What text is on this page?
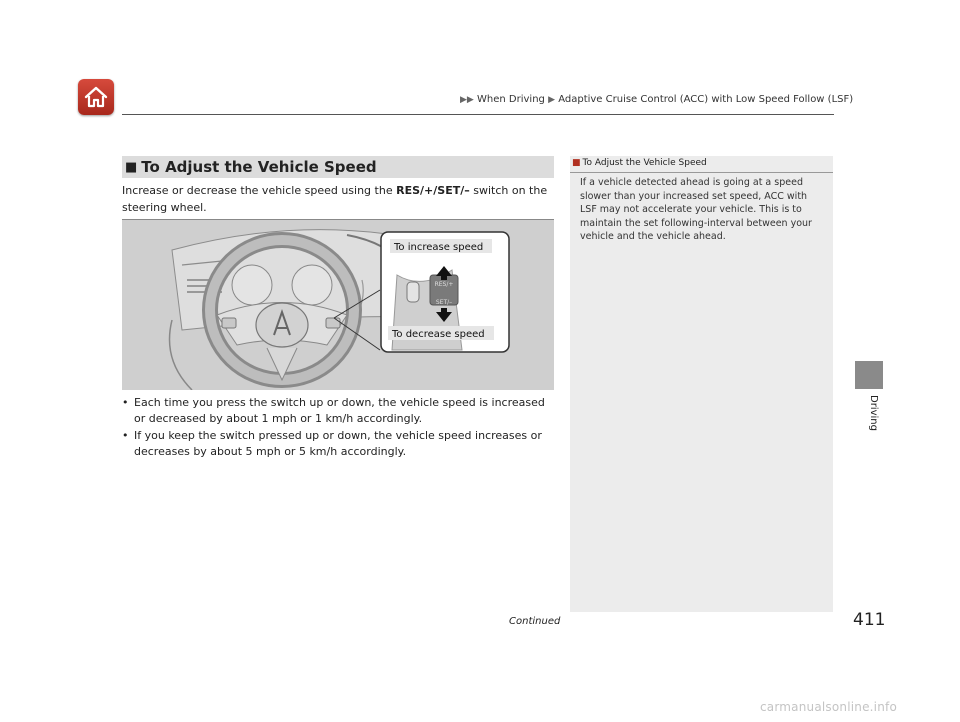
▶▶ When Driving ▶ Adaptive Cruise Control (ACC) with Low Speed Follow (LSF)
■ To Adjust the Vehicle Speed
Increase or decrease the vehicle speed using the RES/+/SET/– switch on the steering wheel.
RES/+
SET/–
To increase speed
To decrease speed
• Each time you press the switch up or down, the vehicle speed is increased or decreased by about 1 mph or 1 km/h accordingly.
• If you keep the switch pressed up or down, the vehicle speed increases or decreases by about 5 mph or 5 km/h accordingly.
Continued
■ To Adjust the Vehicle Speed
If a vehicle detected ahead is going at a speed slower than your increased set speed, ACC with LSF may not accelerate your vehicle. This is to maintain the set following-interval between your vehicle and the vehicle ahead.
Driving
411
carmanualsonline.info
